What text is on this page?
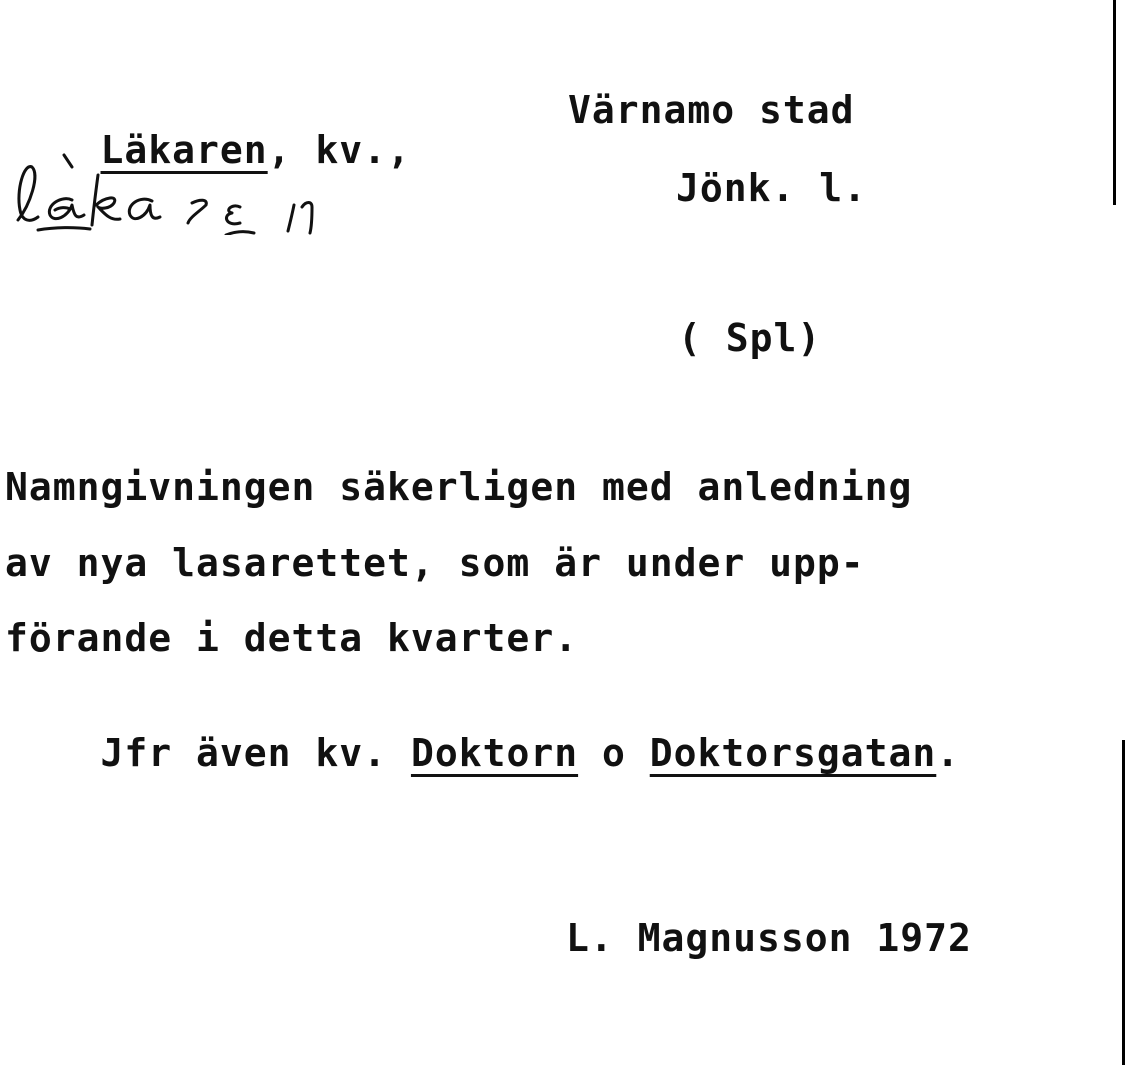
Läkaren, kv.,

Värnamo stad
Jönk. l.
( Spl)
Namngivningen säkerligen med anledning
av nya lasarettet, som är under upp-
förande i detta kvarter.

Jfr även kv. Doktorn o Doktorsgatan.

L. Magnusson 1972
